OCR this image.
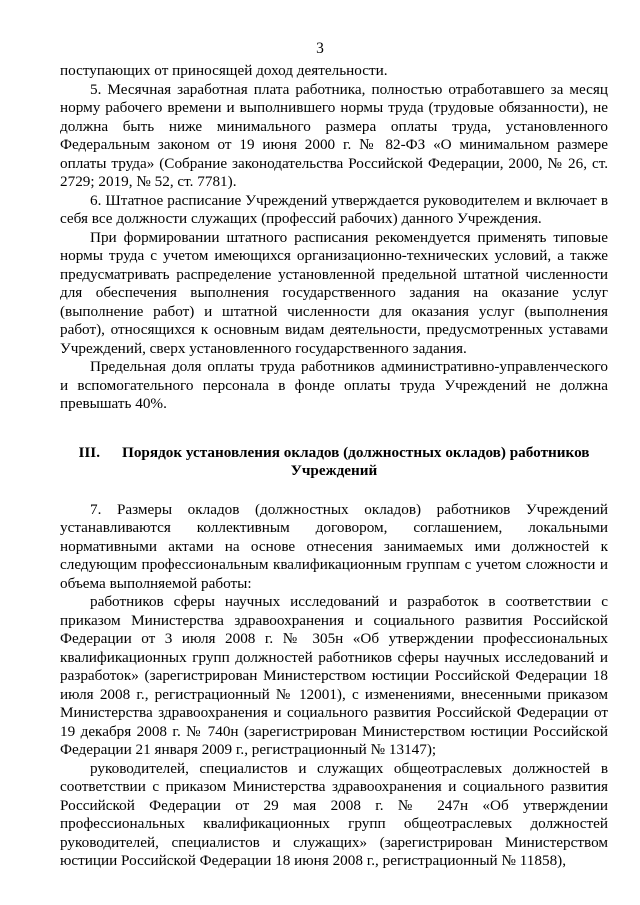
3

поступающих от приносящей доход деятельности.

5. Месячная заработная плата работника, полностью отработавшего за месяц норму рабочего времени и выполнившего нормы труда (трудовые обязанности), не должна быть ниже минимального размера оплаты труда, установленного Федеральным законом от 19 июня 2000 г. № 82-ФЗ «О минимальном размере оплаты труда» (Собрание законодательства Российской Федерации, 2000, № 26, ст. 2729; 2019, № 52, ст. 7781).

6. Штатное расписание Учреждений утверждается руководителем и включает в себя все должности служащих (профессий рабочих) данного Учреждения.

При формировании штатного расписания рекомендуется применять типовые нормы труда с учетом имеющихся организационно-технических условий, а также предусматривать распределение установленной предельной штатной численности для обеспечения выполнения государственного задания на оказание услуг (выполнение работ) и штатной численности для оказания услуг (выполнения работ), относящихся к основным видам деятельности, предусмотренных уставами Учреждений, сверх установленного государственного задания.

Предельная доля оплаты труда работников административно-управленческого и вспомогательного персонала в фонде оплаты труда Учреждений не должна превышать 40%.

III. Порядок установления окладов (должностных окладов) работников Учреждений

7. Размеры окладов (должностных окладов) работников Учреждений устанавливаются коллективным договором, соглашением, локальными нормативными актами на основе отнесения занимаемых ими должностей к следующим профессиональным квалификационным группам с учетом сложности и объема выполняемой работы:

работников сферы научных исследований и разработок в соответствии с приказом Министерства здравоохранения и социального развития Российской Федерации от 3 июля 2008 г. № 305н «Об утверждении профессиональных квалификационных групп должностей работников сферы научных исследований и разработок» (зарегистрирован Министерством юстиции Российской Федерации 18 июля 2008 г., регистрационный № 12001), с изменениями, внесенными приказом Министерства здравоохранения и социального развития Российской Федерации от 19 декабря 2008 г. № 740н (зарегистрирован Министерством юстиции Российской Федерации 21 января 2009 г., регистрационный № 13147);

руководителей, специалистов и служащих общеотраслевых должностей в соответствии с приказом Министерства здравоохранения и социального развития Российской Федерации от 29 мая 2008 г. № 247н «Об утверждении профессиональных квалификационных групп общеотраслевых должностей руководителей, специалистов и служащих» (зарегистрирован Министерством юстиции Российской Федерации 18 июня 2008 г., регистрационный № 11858),
